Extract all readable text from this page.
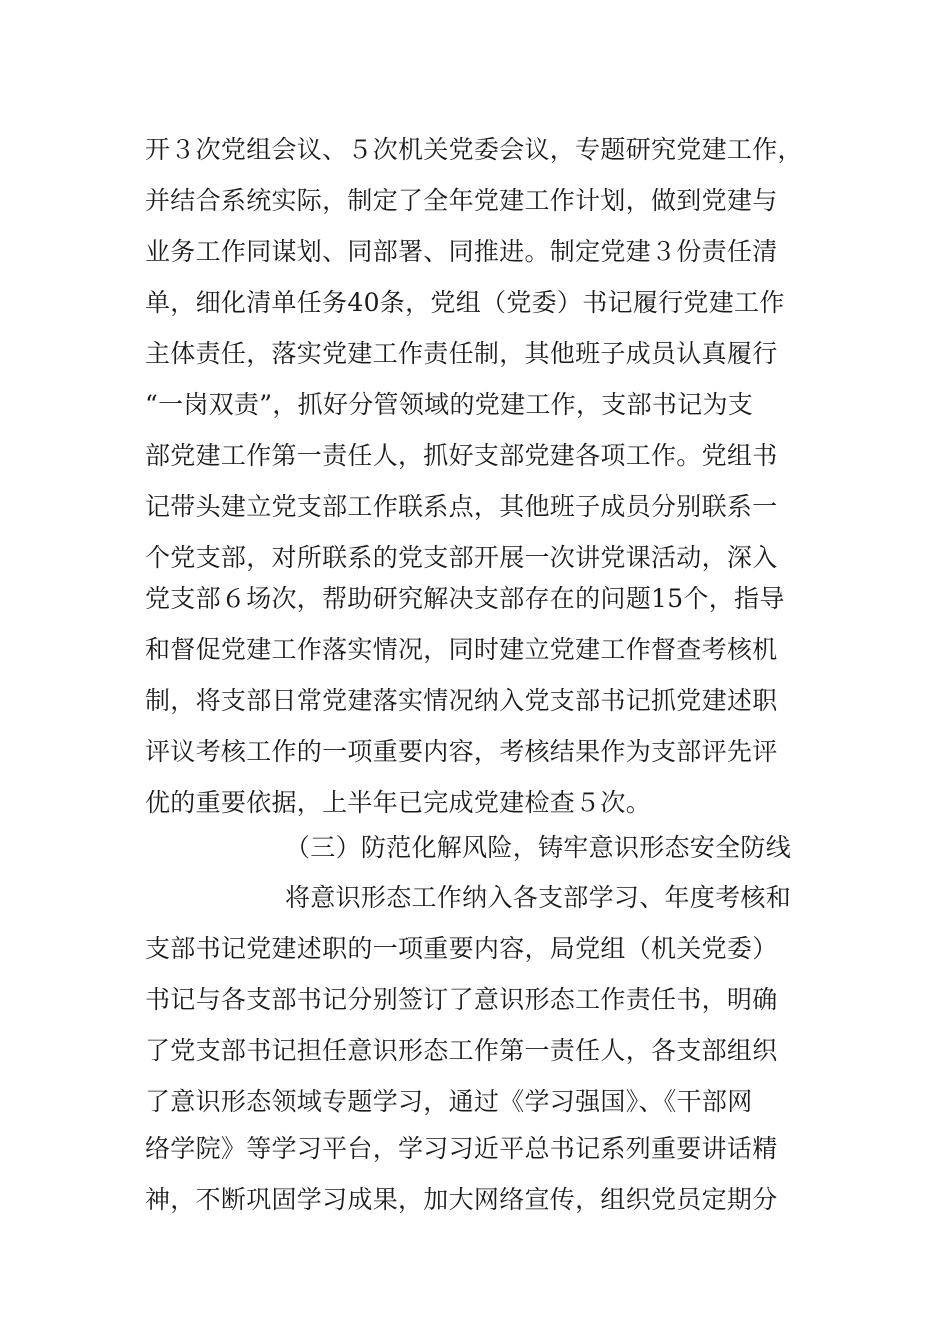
开３次党组会议、５次机关党委会议，专题研究党建工作，
并结合系统实际，制定了全年党建工作计划，做到党建与
业务工作同谋划、同部署、同推进。制定党建３份责任清
单，细化清单任务40条，党组（党委）书记履行党建工作
主体责任，落实党建工作责任制，其他班子成员认真履行
“一岗双责”，抓好分管领域的党建工作，支部书记为支
部党建工作第一责任人，抓好支部党建各项工作。党组书
记带头建立党支部工作联系点，其他班子成员分别联系一
个党支部，对所联系的党支部开展一次讲党课活动，深入
党支部６场次，帮助研究解决支部存在的问题15个，指导
和督促党建工作落实情况，同时建立党建工作督查考核机
制，将支部日常党建落实情况纳入党支部书记抓党建述职
评议考核工作的一项重要内容，考核结果作为支部评先评
优的重要依据，上半年已完成党建检查５次。
（三）防范化解风险，铸牢意识形态安全防线
将意识形态工作纳入各支部学习、年度考核和
支部书记党建述职的一项重要内容，局党组（机关党委）
书记与各支部书记分别签订了意识形态工作责任书，明确
了党支部书记担任意识形态工作第一责任人，各支部组织
了意识形态领域专题学习，通过《学习强国》、《干部网
络学院》等学习平台，学习习近平总书记系列重要讲话精
神，不断巩固学习成果，加大网络宣传，组织党员定期分
